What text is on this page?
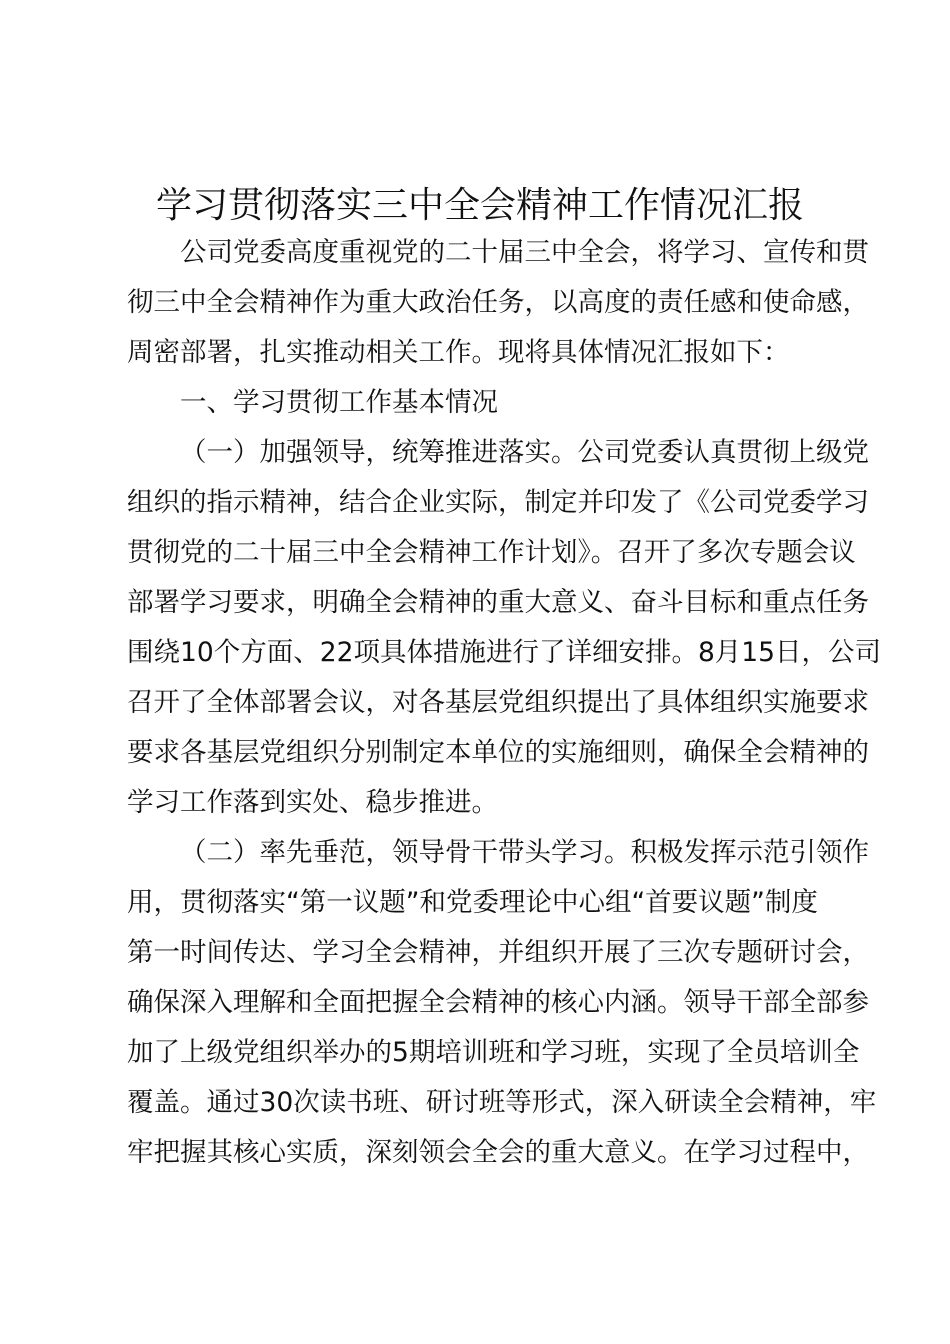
学习贯彻落实三中全会精神工作情况汇报
公司党委高度重视党的二十届三中全会，将学习、宣传和贯
彻三中全会精神作为重大政治任务，以高度的责任感和使命感，
周密部署，扎实推动相关工作。现将具体情况汇报如下：
一、学习贯彻工作基本情况
（一）加强领导，统筹推进落实。公司党委认真贯彻上级党
组织的指示精神，结合企业实际，制定并印发了《公司党委学习
贯彻党的二十届三中全会精神工作计划》。召开了多次专题会议
部署学习要求，明确全会精神的重大意义、奋斗目标和重点任务
围绕10个方面、22项具体措施进行了详细安排。8月15日，公司
召开了全体部署会议，对各基层党组织提出了具体组织实施要求
要求各基层党组织分别制定本单位的实施细则，确保全会精神的
学习工作落到实处、稳步推进。
（二）率先垂范，领导骨干带头学习。积极发挥示范引领作
用，贯彻落实“第一议题”和党委理论中心组“首要议题”制度
第一时间传达、学习全会精神，并组织开展了三次专题研讨会，
确保深入理解和全面把握全会精神的核心内涵。领导干部全部参
加了上级党组织举办的5期培训班和学习班，实现了全员培训全
覆盖。通过30次读书班、研讨班等形式，深入研读全会精神，牢
牢把握其核心实质，深刻领会全会的重大意义。在学习过程中，
